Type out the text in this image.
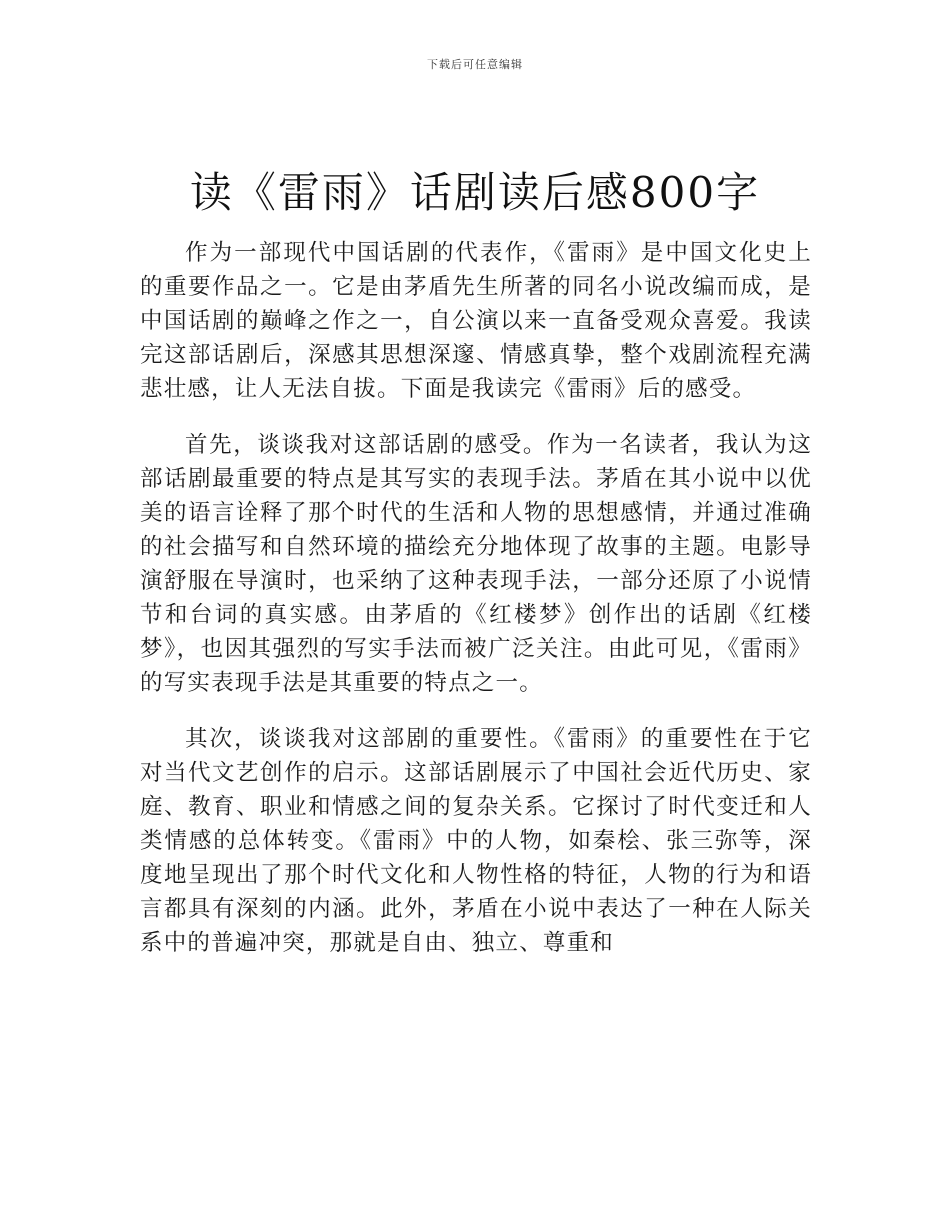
下载后可任意编辑
读《雷雨》话剧读后感800字

作为一部现代中国话剧的代表作，《雷雨》是中国文化史上的重要作品之一。它是由茅盾先生所著的同名小说改编而成，是中国话剧的巅峰之作之一，自公演以来一直备受观众喜爱。我读完这部话剧后，深感其思想深邃、情感真挚，整个戏剧流程充满悲壮感，让人无法自拔。下面是我读完《雷雨》后的感受。

首先，谈谈我对这部话剧的感受。作为一名读者，我认为这部话剧最重要的特点是其写实的表现手法。茅盾在其小说中以优美的语言诠释了那个时代的生活和人物的思想感情，并通过准确的社会描写和自然环境的描绘充分地体现了故事的主题。电影导演舒服在导演时，也采纳了这种表现手法，一部分还原了小说情节和台词的真实感。由茅盾的《红楼梦》创作出的话剧《红楼梦》，也因其强烈的写实手法而被广泛关注。由此可见，《雷雨》的写实表现手法是其重要的特点之一。

其次，谈谈我对这部剧的重要性。《雷雨》的重要性在于它对当代文艺创作的启示。这部话剧展示了中国社会近代历史、家庭、教育、职业和情感之间的复杂关系。它探讨了时代变迁和人类情感的总体转变。《雷雨》中的人物，如秦桧、张三弥等，深度地呈现出了那个时代文化和人物性格的特征，人物的行为和语言都具有深刻的内涵。此外，茅盾在小说中表达了一种在人际关系中的普遍冲突，那就是自由、独立、尊重和
